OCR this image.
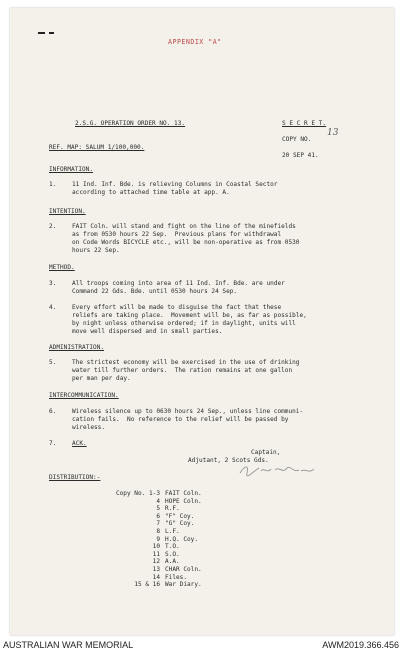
APPENDIX "A"
2.S.G. OPERATION ORDER NO. 13.	S E C R E T.
COPY NO.
13
20 SEP 41.
REF. MAP: SALUM 1/100,000.
INFORMATION.
1.	11 Ind. Inf. Bde. is relieving Columns in Coastal Sector
according to attached time table at app. A.
INTENTION.
2.	FAIT Coln. will stand and fight on the line of the minefields
as from 0530 hours 22 Sep.  Previous plans for withdrawal
on Code Words BICYCLE etc., will be non-operative as from 0530
hours 22 Sep.
METHOD.
3.	All troops coming into area of 11 Ind. Inf. Bde. are under
Command 22 Gds. Bde. until 0530 hours 24 Sep.
4.	Every effort will be made to disguise the fact that these
reliefs are taking place.  Movement will be, as far as possible,
by night unless otherwise ordered; if in daylight, units will
move well dispersed and in small parties.
ADMINISTRATION.
5.	The strictest economy will be exercised in the use of drinking
water till further orders.  The ration remains at one gallon
per man per day.
INTERCOMMUNICATION.
6.	Wireless silence up to 0630 hours 24 Sep., unless line communi-
cation fails.  No reference to the relief will be passed by
wireless.
7.	ACK.
Captain,
Adjutant, 2 Scots Gds.
DISTRIBUTION:-
Copy No. 1-3 FAIT Coln.
4 HOPE Coln.
5 R.F.
6 "F" Coy.
7 "G" Coy.
8 L.F.
9 H.Q. Coy.
10 T.O.
11 S.O.
12 A.A.
13 CHAR Coln.
14 Files.
15 & 16 War Diary.
AUSTRALIAN WAR MEMORIAL	AWM2019.366.456
